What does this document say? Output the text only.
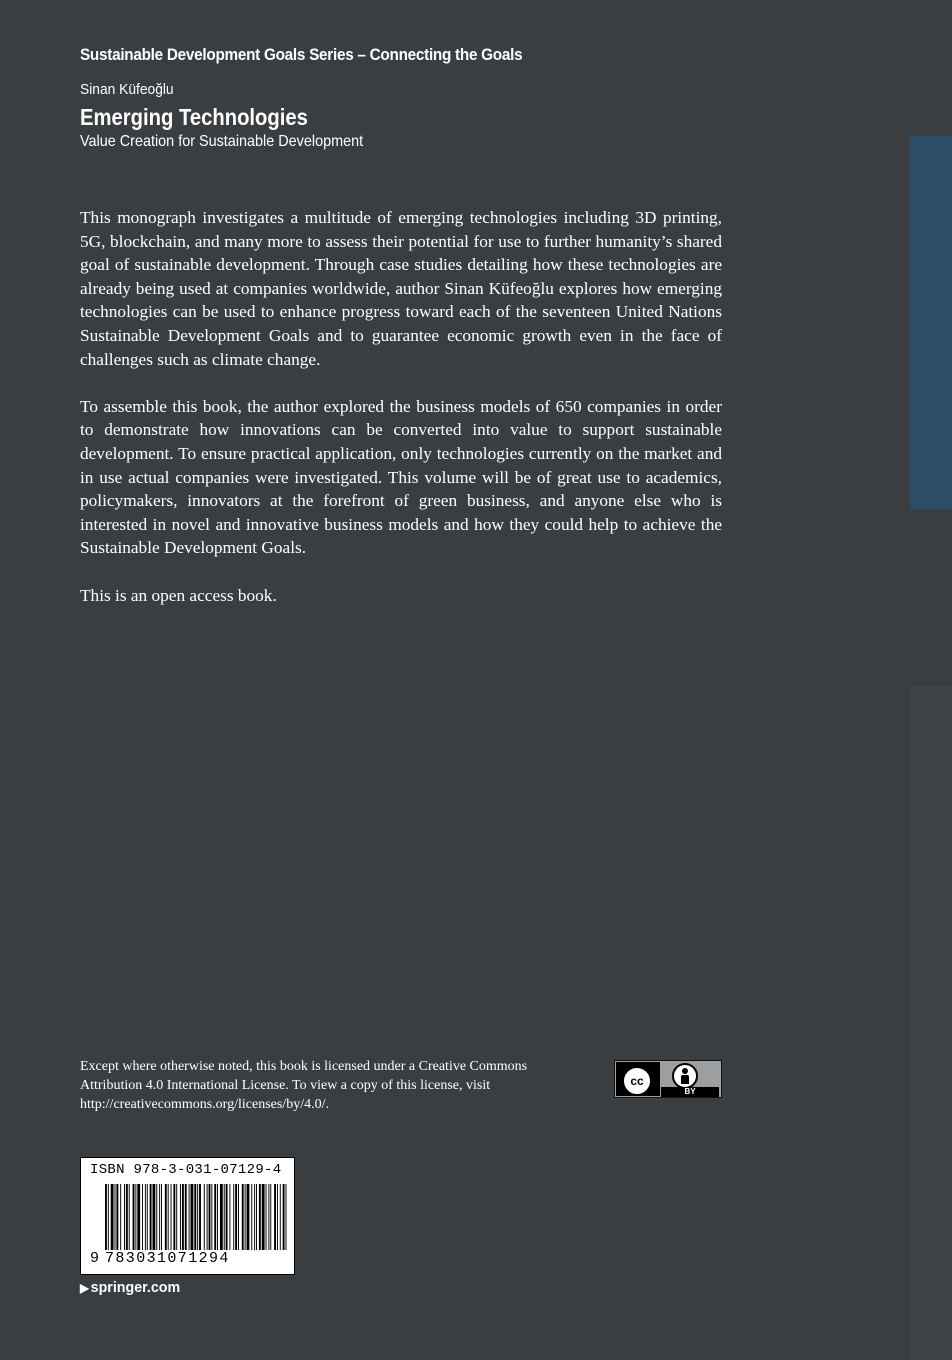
Sustainable Development Goals Series – Connecting the Goals
Sinan Küfeoğlu
Emerging Technologies
Value Creation for Sustainable Development

This monograph investigates a multitude of emerging technologies including 3D printing, 5G, blockchain, and many more to assess their potential for use to further humanity’s shared goal of sustainable development. Through case studies detailing how these technologies are already being used at companies worldwide, author Sinan Küfeoğlu explores how emerging technologies can be used to enhance progress toward each of the seventeen United Nations Sustainable Development Goals and to guarantee economic growth even in the face of challenges such as climate change.

To assemble this book, the author explored the business models of 650 companies in order to demonstrate how innovations can be converted into value to support sustainable development. To ensure practical application, only technologies currently on the market and in use actual companies were investigated. This volume will be of great use to academics, policymakers, innovators at the forefront of green business, and anyone else who is interested in novel and innovative business models and how they could help to achieve the Sustainable Development Goals.

This is an open access book.

Except where otherwise noted, this book is licensed under a Creative Commons Attribution 4.0 International License. To view a copy of this license, visit http://creativecommons.org/licenses/by/4.0/.
cc
BY
ISBN 978-3-031-07129-4
9 783031071294
▶ springer.com
